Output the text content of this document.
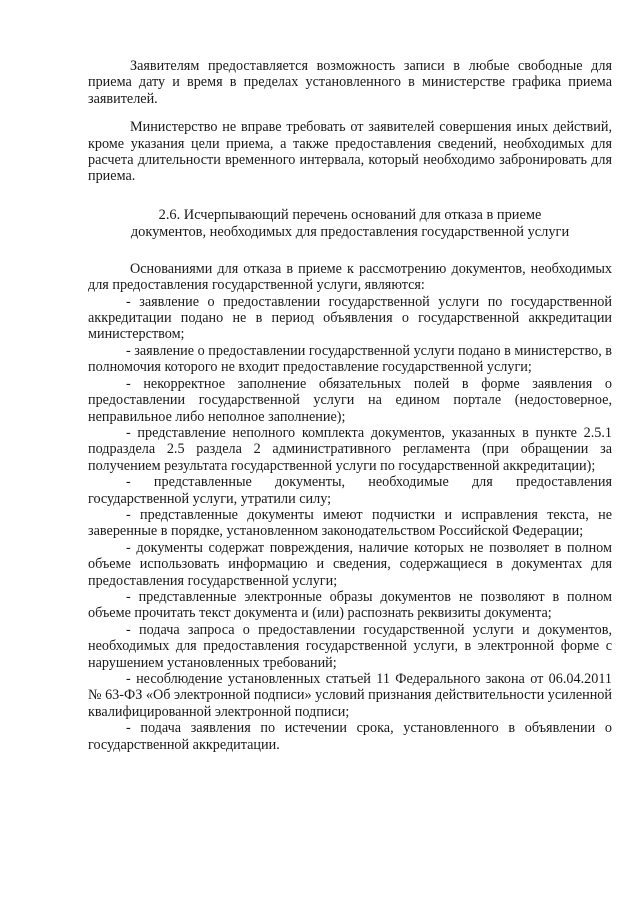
Заявителям предоставляется возможность записи в любые свободные для приема дату и время в пределах установленного в министерстве графика приема заявителей.

Министерство не вправе требовать от заявителей совершения иных действий, кроме указания цели приема, а также предоставления сведений, необходимых для расчета длительности временного интервала, который необходимо забронировать для приема.

2.6. Исчерпывающий перечень оснований для отказа в приеме
документов, необходимых для предоставления государственной услуги

Основаниями для отказа в приеме к рассмотрению документов, необходимых для предоставления государственной услуги, являются:

- заявление о предоставлении государственной услуги по государственной аккредитации подано не в период объявления о государственной аккредитации министерством;

- заявление о предоставлении государственной услуги подано в министерство, в полномочия которого не входит предоставление государственной услуги;

- некорректное заполнение обязательных полей в форме заявления о предоставлении государственной услуги на едином портале (недостоверное, неправильное либо неполное заполнение);

- представление неполного комплекта документов, указанных в пункте 2.5.1 подраздела 2.5 раздела 2 административного регламента (при обращении за получением результата государственной услуги по государственной аккредитации);

- представленные документы, необходимые для предоставления государственной услуги, утратили силу;

- представленные документы имеют подчистки и исправления текста, не заверенные в порядке, установленном законодательством Российской Федерации;

- документы содержат повреждения, наличие которых не позволяет в полном объеме использовать информацию и сведения, содержащиеся в документах для предоставления государственной услуги;

- представленные электронные образы документов не позволяют в полном объеме прочитать текст документа и (или) распознать реквизиты документа;

- подача запроса о предоставлении государственной услуги и документов, необходимых для предоставления государственной услуги, в электронной форме с нарушением установленных требований;

- несоблюдение установленных статьей 11 Федерального закона от 06.04.2011 № 63-ФЗ «Об электронной подписи» условий признания действительности усиленной квалифицированной электронной подписи;

- подача заявления по истечении срока, установленного в объявлении о государственной аккредитации.
